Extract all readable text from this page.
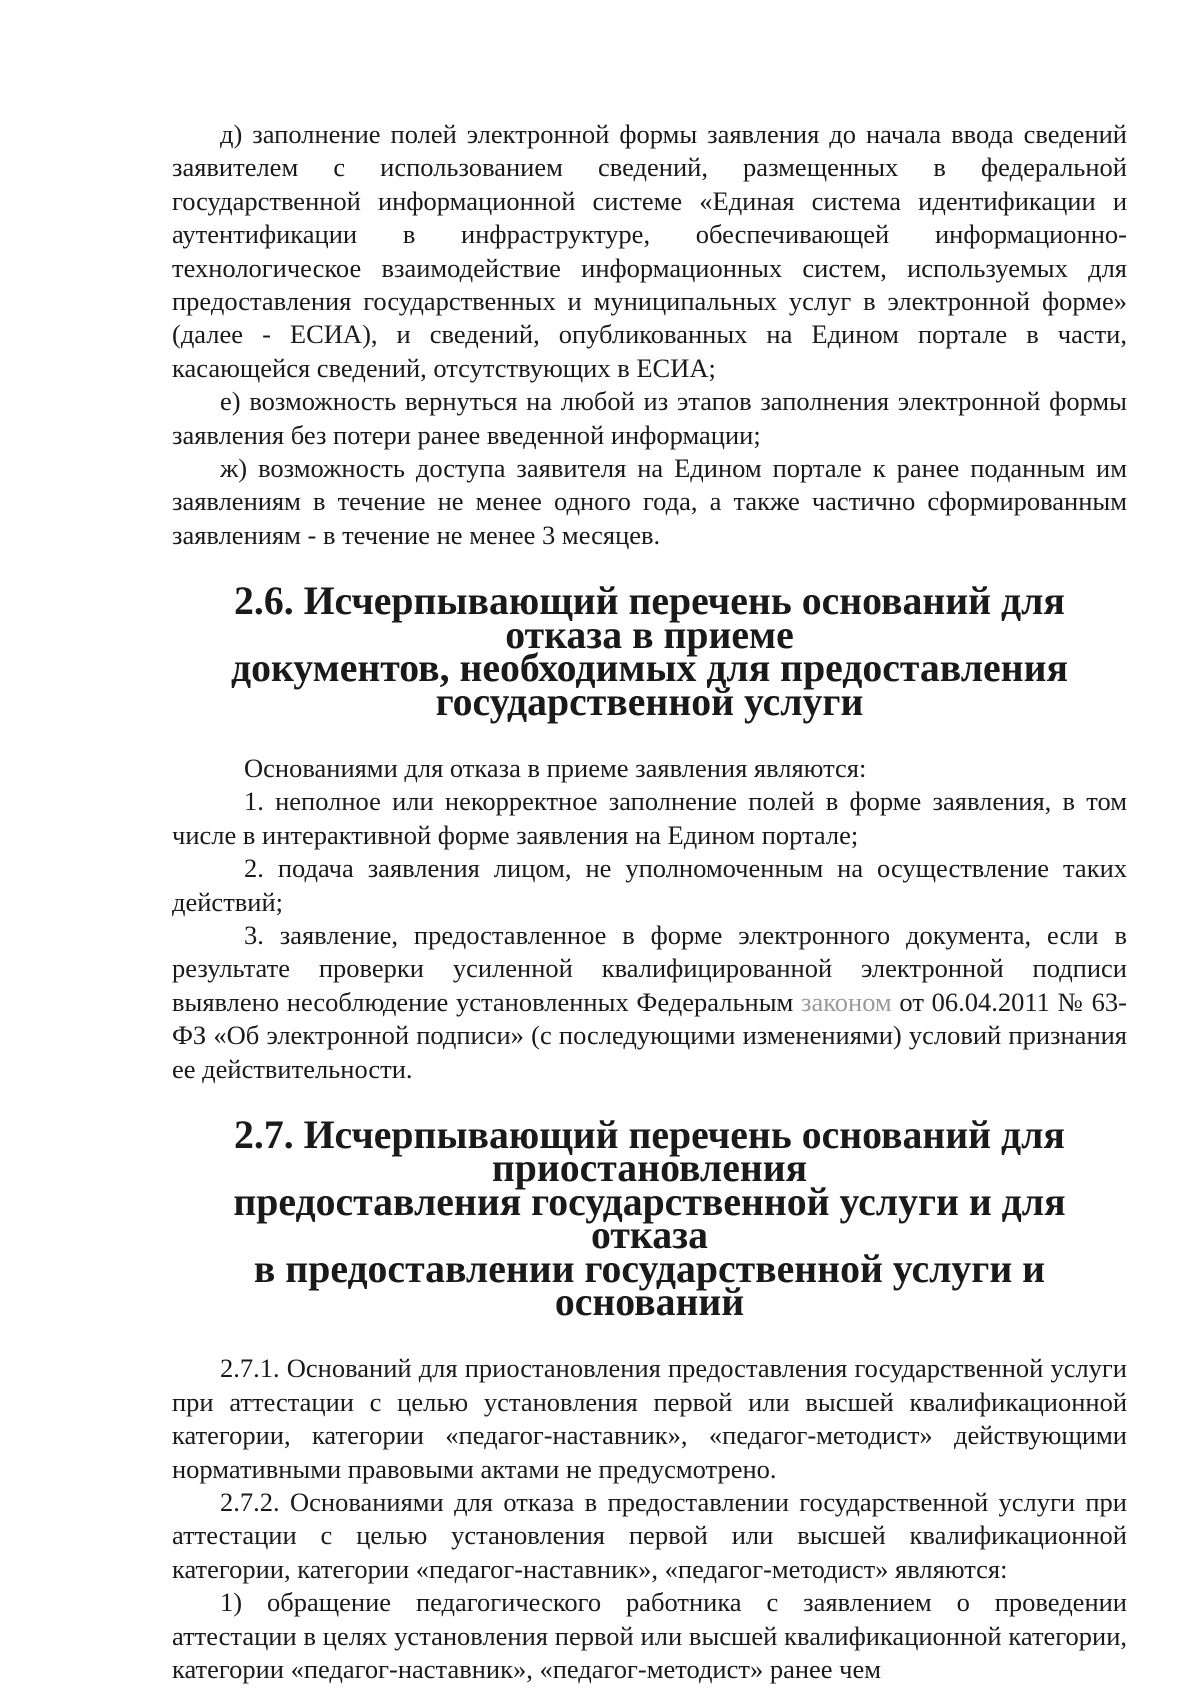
д) заполнение полей электронной формы заявления до начала ввода сведений заявителем с использованием сведений, размещенных в федеральной государственной информационной системе «Единая система идентификации и аутентификации в инфраструктуре, обеспечивающей информационно-технологическое взаимодействие информационных систем, используемых для предоставления государственных и муниципальных услуг в электронной форме» (далее - ЕСИА), и сведений, опубликованных на Едином портале в части, касающейся сведений, отсутствующих в ЕСИА;

е) возможность вернуться на любой из этапов заполнения электронной формы заявления без потери ранее введенной информации;

ж) возможность доступа заявителя на Едином портале к ранее поданным им заявлениям в течение не менее одного года, а также частично сформированным заявлениям - в течение не менее 3 месяцев.

2.6. Исчерпывающий перечень оснований для отказа в приеме
документов, необходимых для предоставления
государственной услуги

Основаниями для отказа в приеме заявления являются:

1. неполное или некорректное заполнение полей в форме заявления, в том числе в интерактивной форме заявления на Едином портале;

2. подача заявления лицом, не уполномоченным на осуществление таких действий;

3. заявление, предоставленное в форме электронного документа, если в результате проверки усиленной квалифицированной электронной подписи выявлено несоблюдение установленных Федеральным законом от 06.04.2011 № 63-ФЗ «Об электронной подписи» (с последующими изменениями) условий признания ее действительности.

2.7. Исчерпывающий перечень оснований для приостановления
предоставления государственной услуги и для отказа
в предоставлении государственной услуги и оснований

2.7.1. Оснований для приостановления предоставления государственной услуги при аттестации с целью установления первой или высшей квалификационной категории, категории «педагог-наставник», «педагог-методист» действующими нормативными правовыми актами не предусмотрено.

2.7.2. Основаниями для отказа в предоставлении государственной услуги при аттестации с целью установления первой или высшей квалификационной категории, категории «педагог-наставник», «педагог-методист» являются:

1) обращение педагогического работника с заявлением о проведении аттестации в целях установления первой или высшей квалификационной категории, категории «педагог-наставник», «педагог-методист» ранее чем
